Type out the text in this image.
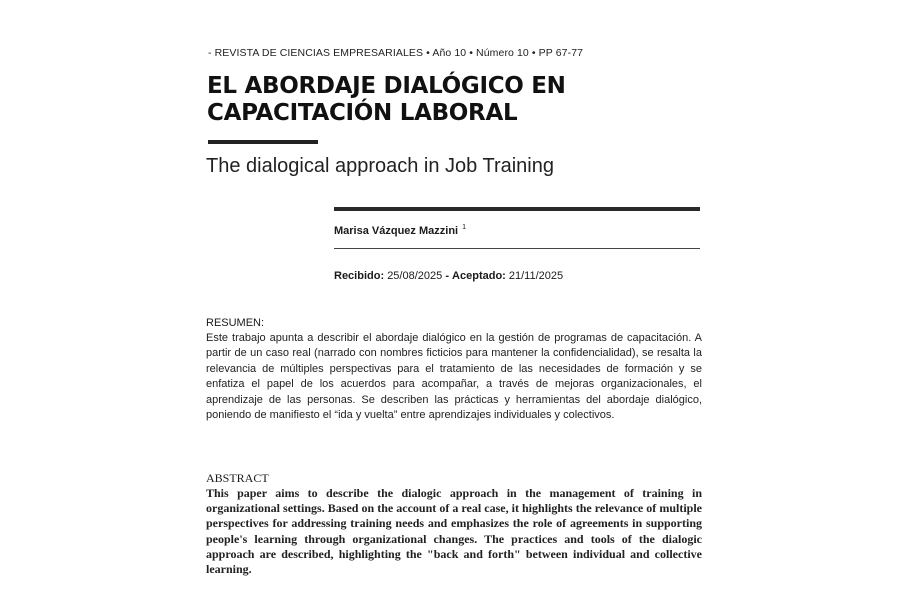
- REVISTA DE CIENCIAS EMPRESARIALES • Año 10 • Número 10 • PP 67-77
EL ABORDAJE DIALÓGICO EN
CAPACITACIÓN LABORAL
The dialogical approach in Job Training
Marisa Vázquez Mazzini $^1$
Recibido: 25/08/2025 - Aceptado: 21/11/2025
RESUMEN:

Este trabajo apunta a describir el abordaje dialógico en la gestión de programas de capacitación. A partir de un caso real (narrado con nombres ficticios para mantener la confidencialidad), se resalta la relevancia de múltiples perspectivas para el tratamiento de las necesidades de formación y se enfatiza el papel de los acuerdos para acompañar, a través de mejoras organizacionales, el aprendizaje de las personas. Se describen las prácticas y herramientas del abordaje dialógico, poniendo de manifiesto el “ida y vuelta” entre aprendizajes individuales y colectivos.

ABSTRACT

This paper aims to describe the dialogic approach in the management of training in organizational settings. Based on the account of a real case, it highlights the relevance of multiple perspectives for addressing training needs and emphasizes the role of agreements in supporting people's learning through organizational changes. The practices and tools of the dialogic approach are described, highlighting the "back and forth" between individual and collective learning.
